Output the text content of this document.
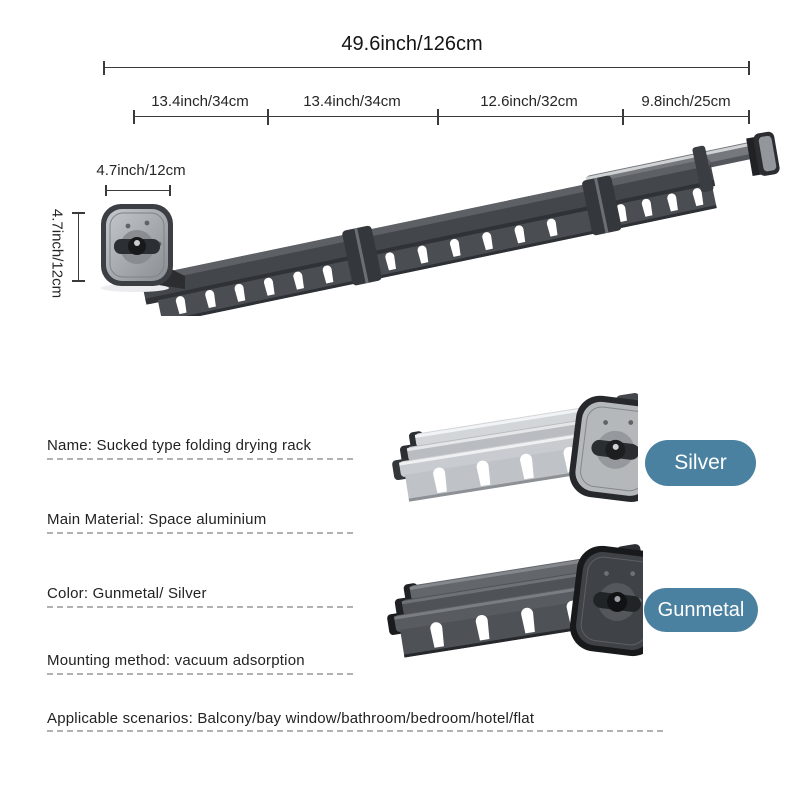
49.6inch/126cm
13.4inch/34cm	13.4inch/34cm	12.6inch/32cm	9.8inch/25cm
4.7inch/12cm
4.7inch/12cm
Silver
Gunmetal
Name: Sucked type folding drying rack
Main Material: Space aluminium
Color: Gunmetal/ Silver
Mounting method: vacuum adsorption
Applicable scenarios: Balcony/bay window/bathroom/bedroom/hotel/flat
